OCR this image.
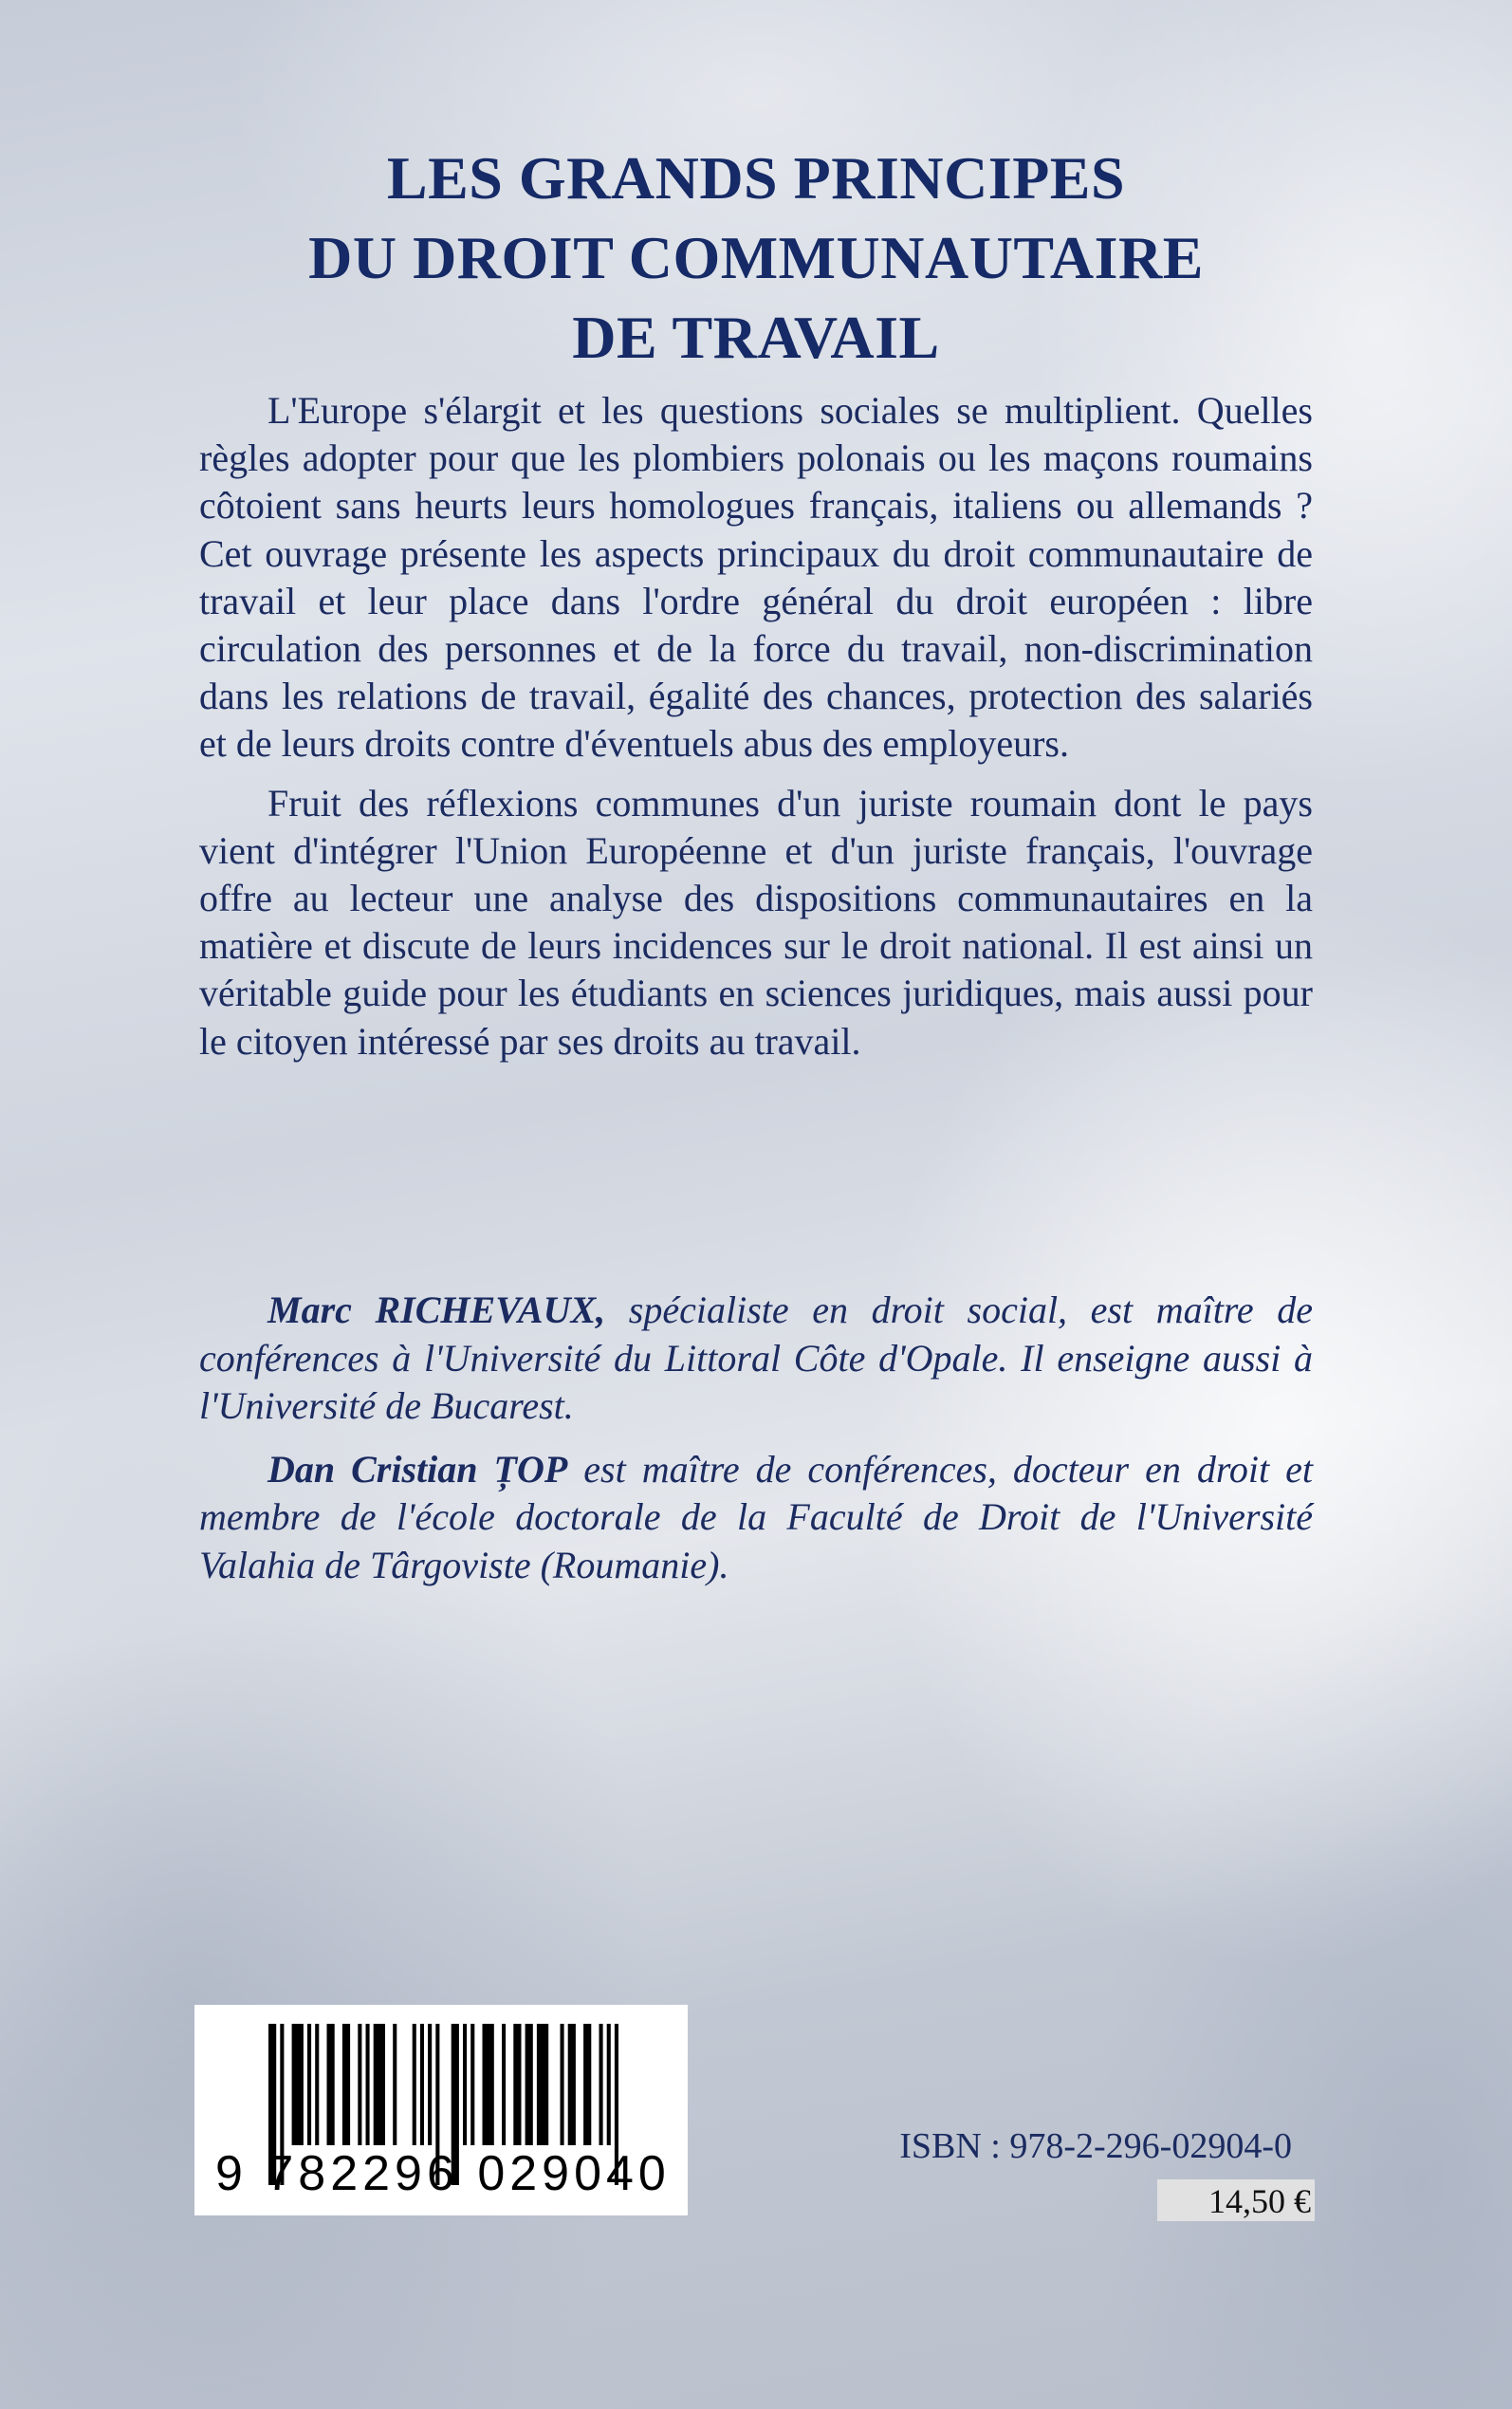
LES GRANDS PRINCIPES
DU DROIT COMMUNAUTAIRE
DE TRAVAIL

L'Europe s'élargit et les questions sociales se multiplient. Quelles règles adopter pour que les plombiers polonais ou les maçons roumains côtoient sans heurts leurs homologues français, italiens ou allemands ? Cet ouvrage présente les aspects principaux du droit communautaire de travail et leur place dans l'ordre général du droit européen : libre circulation des personnes et de la force du travail, non-discrimination dans les relations de travail, égalité des chances, protection des salariés et de leurs droits contre d'éventuels abus des employeurs.

Fruit des réflexions communes d'un juriste roumain dont le pays vient d'intégrer l'Union Européenne et d'un juriste français, l'ouvrage offre au lecteur une analyse des dispositions communautaires en la matière et discute de leurs incidences sur le droit national. Il est ainsi un véritable guide pour les étudiants en sciences juridiques, mais aussi pour le citoyen intéressé par ses droits au travail.

Marc RICHEVAUX, spécialiste en droit social, est maître de conférences à l'Université du Littoral Côte d'Opale. Il enseigne aussi à l'Université de Bucarest.

Dan Cristian ȚOP est maître de conférences, docteur en droit et membre de l'école doctorale de la Faculté de Droit de l'Université Valahia de Târgoviste (Roumanie).

9 782296 029040	ISBN : 978-2-296-02904-0
14,50 €
